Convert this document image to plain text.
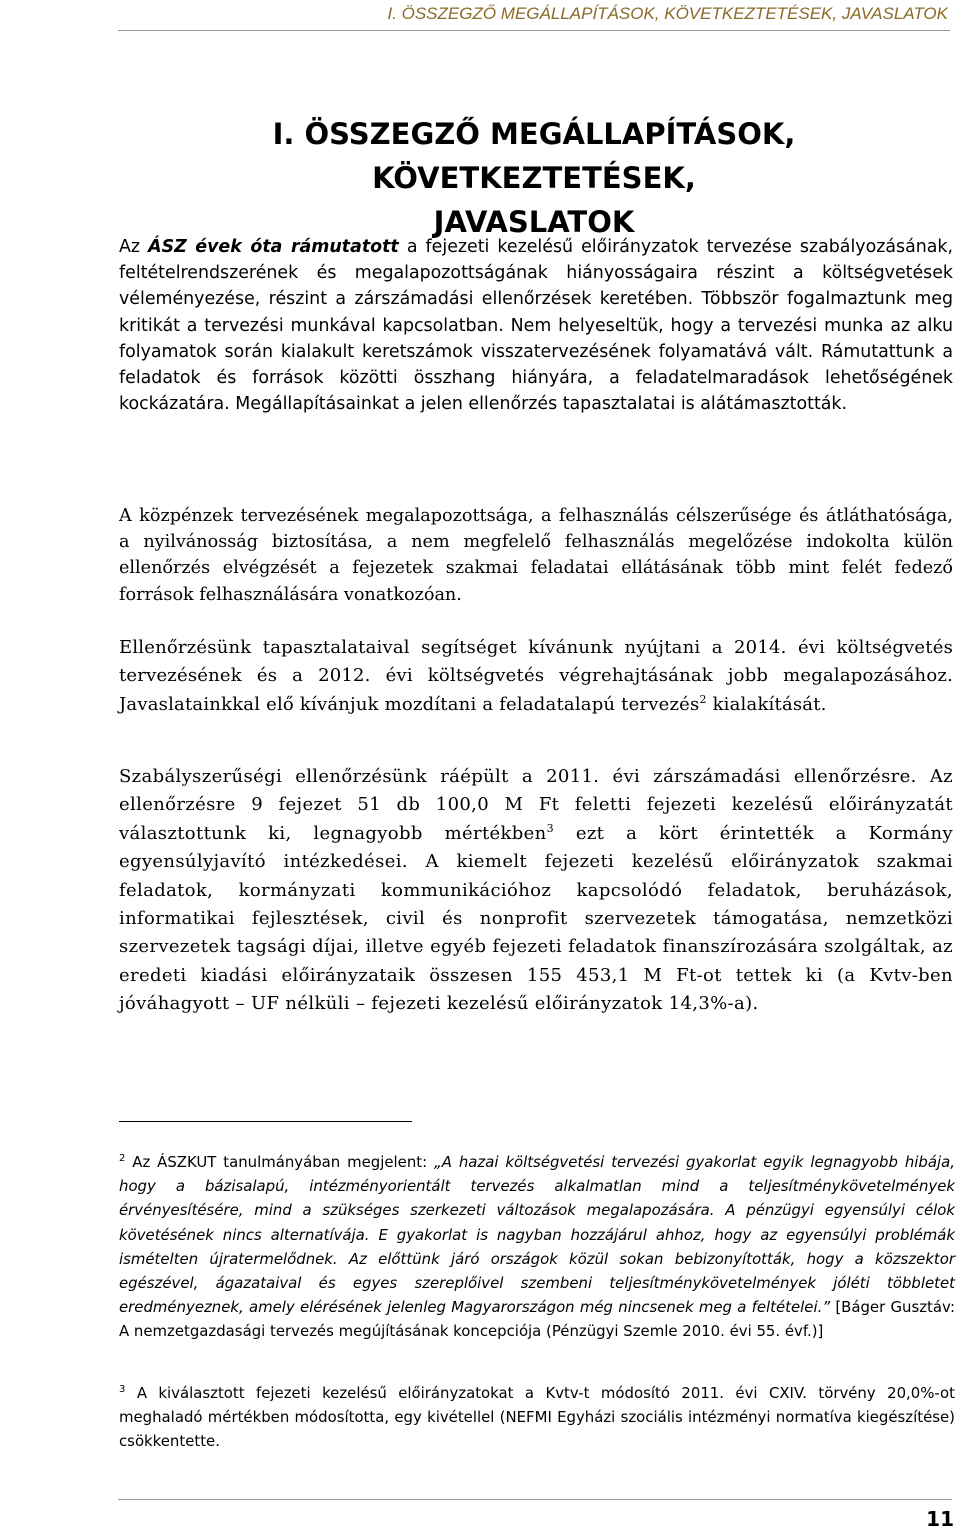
I. ÖSSZEGZŐ MEGÁLLAPÍTÁSOK, KÖVETKEZTETÉSEK, JAVASLATOK
I. ÖSSZEGZŐ MEGÁLLAPÍTÁSOK, KÖVETKEZTETÉSEK,
JAVASLATOK
Az ÁSZ évek óta rámutatott a fejezeti kezelésű előirányzatok tervezése szabályozásának, feltételrendszerének és megalapozottságának hiányosságaira részint a költségvetések véleményezése, részint a zárszámadási ellenőrzések keretében. Többször fogalmaztunk meg kritikát a tervezési munkával kapcsolatban. Nem helyeseltük, hogy a tervezési munka az alku folyamatok során kialakult keretszámok visszatervezésének folyamatává vált. Rámutattunk a feladatok és források közötti összhang hiányára, a feladatelmaradások lehetőségének kockázatára. Megállapításainkat a jelen ellenőrzés tapasztalatai is alátámasztották.
A közpénzek tervezésének megalapozottsága, a felhasználás célszerűsége és átláthatósága, a nyilvánosság biztosítása, a nem megfelelő felhasználás megelőzése indokolta külön ellenőrzés elvégzését a fejezetek szakmai feladatai ellátásának több mint felét fedező források felhasználására vonatkozóan.
Ellenőrzésünk tapasztalataival segítséget kívánunk nyújtani a 2014. évi költségvetés tervezésének és a 2012. évi költségvetés végrehajtásának jobb megalapozásához. Javaslatainkkal elő kívánjuk mozdítani a feladatalapú tervezés$^2$ kialakítását.
Szabályszerűségi ellenőrzésünk ráépült a 2011. évi zárszámadási ellenőrzésre. Az ellenőrzésre 9 fejezet 51 db 100,0 M Ft feletti fejezeti kezelésű előirányzatát választottunk ki, legnagyobb mértékben$^3$ ezt a kört érintették a Kormány egyensúlyjavító intézkedései. A kiemelt fejezeti kezelésű előirányzatok szakmai feladatok, kormányzati kommunikációhoz kapcsolódó feladatok, beruházások, informatikai fejlesztések, civil és nonprofit szervezetek támogatása, nemzetközi szervezetek tagsági díjai, illetve egyéb fejezeti feladatok finanszírozására szolgáltak, az eredeti kiadási előirányzataik összesen 155 453,1 M Ft-ot tettek ki (a Kvtv-ben jóváhagyott – UF nélküli – fejezeti kezelésű előirányzatok 14,3%-a).
$^2$ Az ÁSZKUT tanulmányában megjelent: „A hazai költségvetési tervezési gyakorlat egyik legnagyobb hibája, hogy a bázisalapú, intézményorientált tervezés alkalmatlan mind a teljesítménykövetelmények érvényesítésére, mind a szükséges szerkezeti változások megalapozására. A pénzügyi egyensúlyi célok követésének nincs alternatívája. E gyakorlat is nagyban hozzájárul ahhoz, hogy az egyensúlyi problémák ismételten újratermelődnek. Az előttünk járó országok közül sokan bebizonyították, hogy a közszektor egészével, ágazataival és egyes szereplőivel szembeni teljesítménykövetelmények jóléti többletet eredményeznek, amely elérésének jelenleg Magyarországon még nincsenek meg a feltételei.” [Báger Gusztáv: A nemzetgazdasági tervezés megújításának koncepciója (Pénzügyi Szemle 2010. évi 55. évf.)]
$^3$ A kiválasztott fejezeti kezelésű előirányzatokat a Kvtv-t módosító 2011. évi CXIV. törvény 20,0%-ot meghaladó mértékben módosította, egy kivétellel (NEFMI Egyházi szociális intézményi normatíva kiegészítése) csökkentette.
11
